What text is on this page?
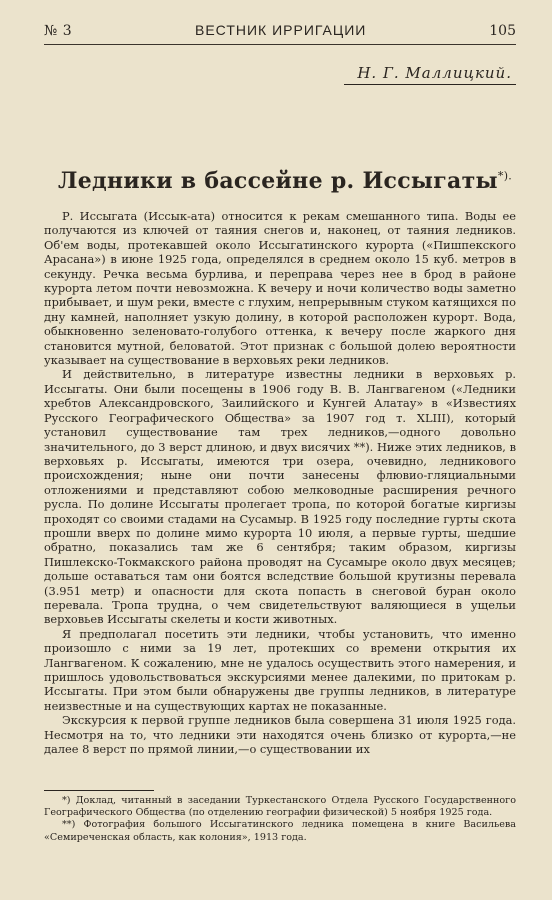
№ 3	ВЕСТНИК ИРРИГАЦИИ	105
Н. Г. Маллицкий.
Ледники в бассейне р. Иссыгаты*).

Р. Иссыгата (Иссык-ата) относится к рекам смешанного типа. Воды ее получаются из ключей от таяния снегов и, наконец, от таяния ледников. Об'ем воды, протекавшей около Иссыгатинского курорта («Пишпекского Арасана») в июне 1925 года, определялся в среднем около 15 куб. метров в секунду. Речка весьма бурлива, и переправа через нее в брод в районе курорта летом почти невозможна. К вечеру и ночи количество воды заметно прибывает, и шум реки, вместе с глухим, непрерывным стуком катящихся по дну камней, наполняет узкую долину, в которой расположен курорт. Вода, обыкновенно зеленовато-голубого оттенка, к вечеру после жаркого дня становится мутной, беловатой. Этот признак с большой долею вероятности указывает на существование в верховьях реки ледников.

И действительно, в литературе известны ледники в верховьях р. Иссыгаты. Они были посещены в 1906 году В. В. Лангвагеном («Ледники хребтов Александровского, Заилийского и Кунгей Алатау» в «Известиях Русского Географического Общества» за 1907 год т. XLIII), который установил существование там трех ледников,—одного довольно значительного, до 3 верст длиною, и двух висячих **). Ниже этих ледников, в верховьях р. Иссыгаты, имеются три озера, очевидно, ледникового происхождения; ныне они почти занесены флювио-гляциальными отложениями и представляют собою мелководные расширения речного русла. По долине Иссыгаты пролегает тропа, по которой богатые киргизы проходят со своими стадами на Сусамыр. В 1925 году последние гурты скота прошли вверх по долине мимо курорта 10 июля, а первые гурты, шедшие обратно, показались там же 6 сентября; таким образом, киргизы Пишлекско-Токмакского района проводят на Сусамыре около двух месяцев; дольше оставаться там они боятся вследствие большой крутизны перевала (3.951 метр) и опасности для скота попасть в снеговой буран около перевала. Тропа трудна, о чем свидетельствуют валяющиеся в ущельи верховьев Иссыгаты скелеты и кости животных.

Я предполагал посетить эти ледники, чтобы установить, что именно произошло с ними за 19 лет, протекших со времени открытия их Лангвагеном. К сожалению, мне не удалось осуществить этого намерения, и пришлось удовольствоваться экскурсиями менее далекими, по притокам р. Иссыгаты. При этом были обнаружены две группы ледников, в литературе неизвестные и на существующих картах не показанные.

Экскурсия к первой группе ледников была совершена 31 июля 1925 года. Несмотря на то, что ледники эти находятся очень близко от курорта,—не далее 8 верст по прямой линии,—о существовании их

*) Доклад, читанный в заседании Туркестанского Отдела Русского Государственного Географического Общества (по отделению географии физической) 5 ноября 1925 года.

**) Фотография большого Иссыгатинского ледника помещена в книге Васильева «Семиреченская область, как колония», 1913 года.
